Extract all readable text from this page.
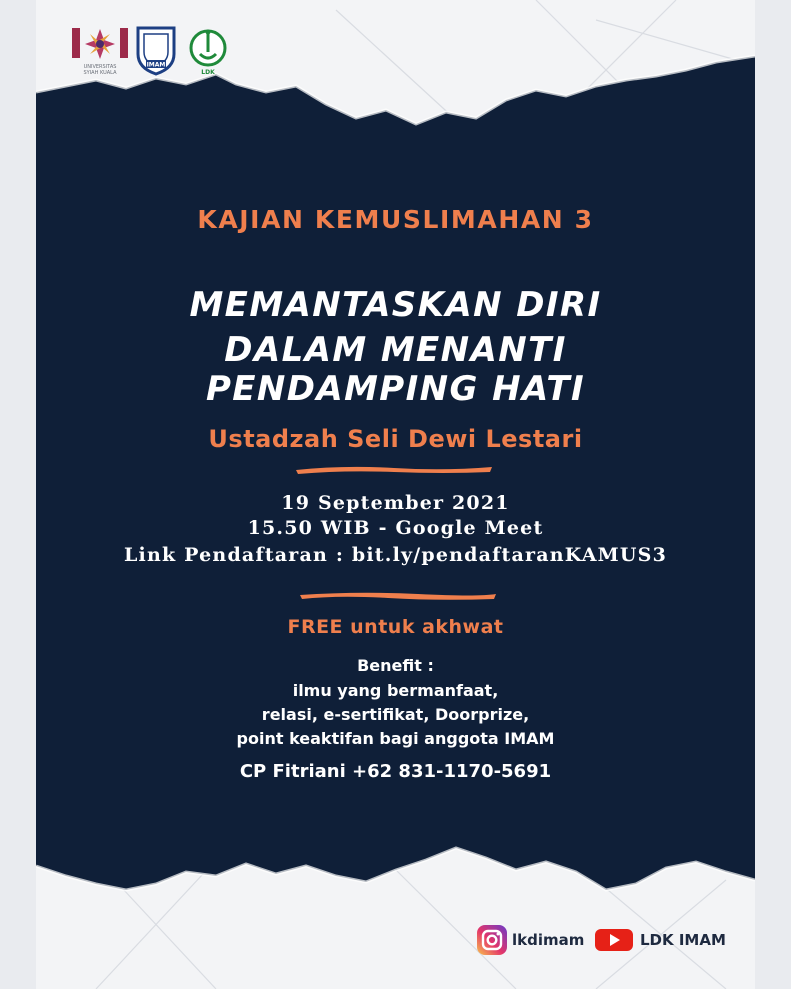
UNIVERSITAS
SYIAH KUALA
IMAM
LDK
KAJIAN KEMUSLIMAHAN 3
MEMANTASKAN DIRI
DALAM MENANTI
PENDAMPING HATI
Ustadzah Seli Dewi Lestari
19 September 2021
15.50 WIB - Google Meet
Link Pendaftaran : bit.ly/pendaftaranKAMUS3
FREE untuk akhwat
Benefit :
ilmu yang bermanfaat,
relasi, e-sertifikat, Doorprize,
point keaktifan bagi anggota IMAM
CP Fitriani +62 831-1170-5691
lkdimam	LDK IMAM
